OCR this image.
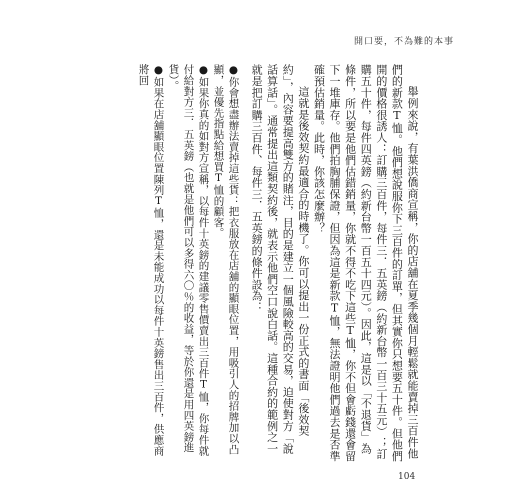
開口要，不為難的本事

舉例來說，有葉洪僑商宣稱，你的店舖在夏季幾個月輕鬆就能賣掉三百件他們的新款T恤。他們想說服你下三百件的訂單，但其實你只想要五十件。但他們開的價格很誘人：訂購三百件，每件三．五英鎊（約新台幣一百三十五元）；訂購五十件，每件四英鎊（約新台幣一百五十四元）。因此，這是以「不退貨」為條件，所以要是他們估錯銷量，你就不得不吃下這些T恤，你不但會虧錢還會留下一堆庫存。他們拍胸脯保證，但因為這是新款T恤，無法證明他們過去是否準確預估銷量。此時，你該怎麼辦？

這就是後效契約最適合的時機了。你可以提出一份正式的書面「後效契約」，內容要提高雙方的賭注，目的是建立一個風險較高的交易，迫使對方「說話算話」。通常提出這類契約後，就表示他們空口說白話。這種合約的範例之一就是把訂購三百件、每件三．五英鎊的條件設為：

●你會想盡辦法賣掉這些貨：把衣服放在店舖的顯眼位置，用吸引人的招牌加以凸顯，並優先指點給想買T恤的顧客。

●如果你真的如對方宣稱，以每件十英鎊的建議零售價賣出三百件T恤，你每件就付給對方三．五英鎊（也就是他們可以多得六〇％的收益，等於你還是用四英鎊進貨）。

●如果在店舖顯眼位置陳列T恤，還是未能成功以每件十英鎊售出三百件，供應商將回

104
